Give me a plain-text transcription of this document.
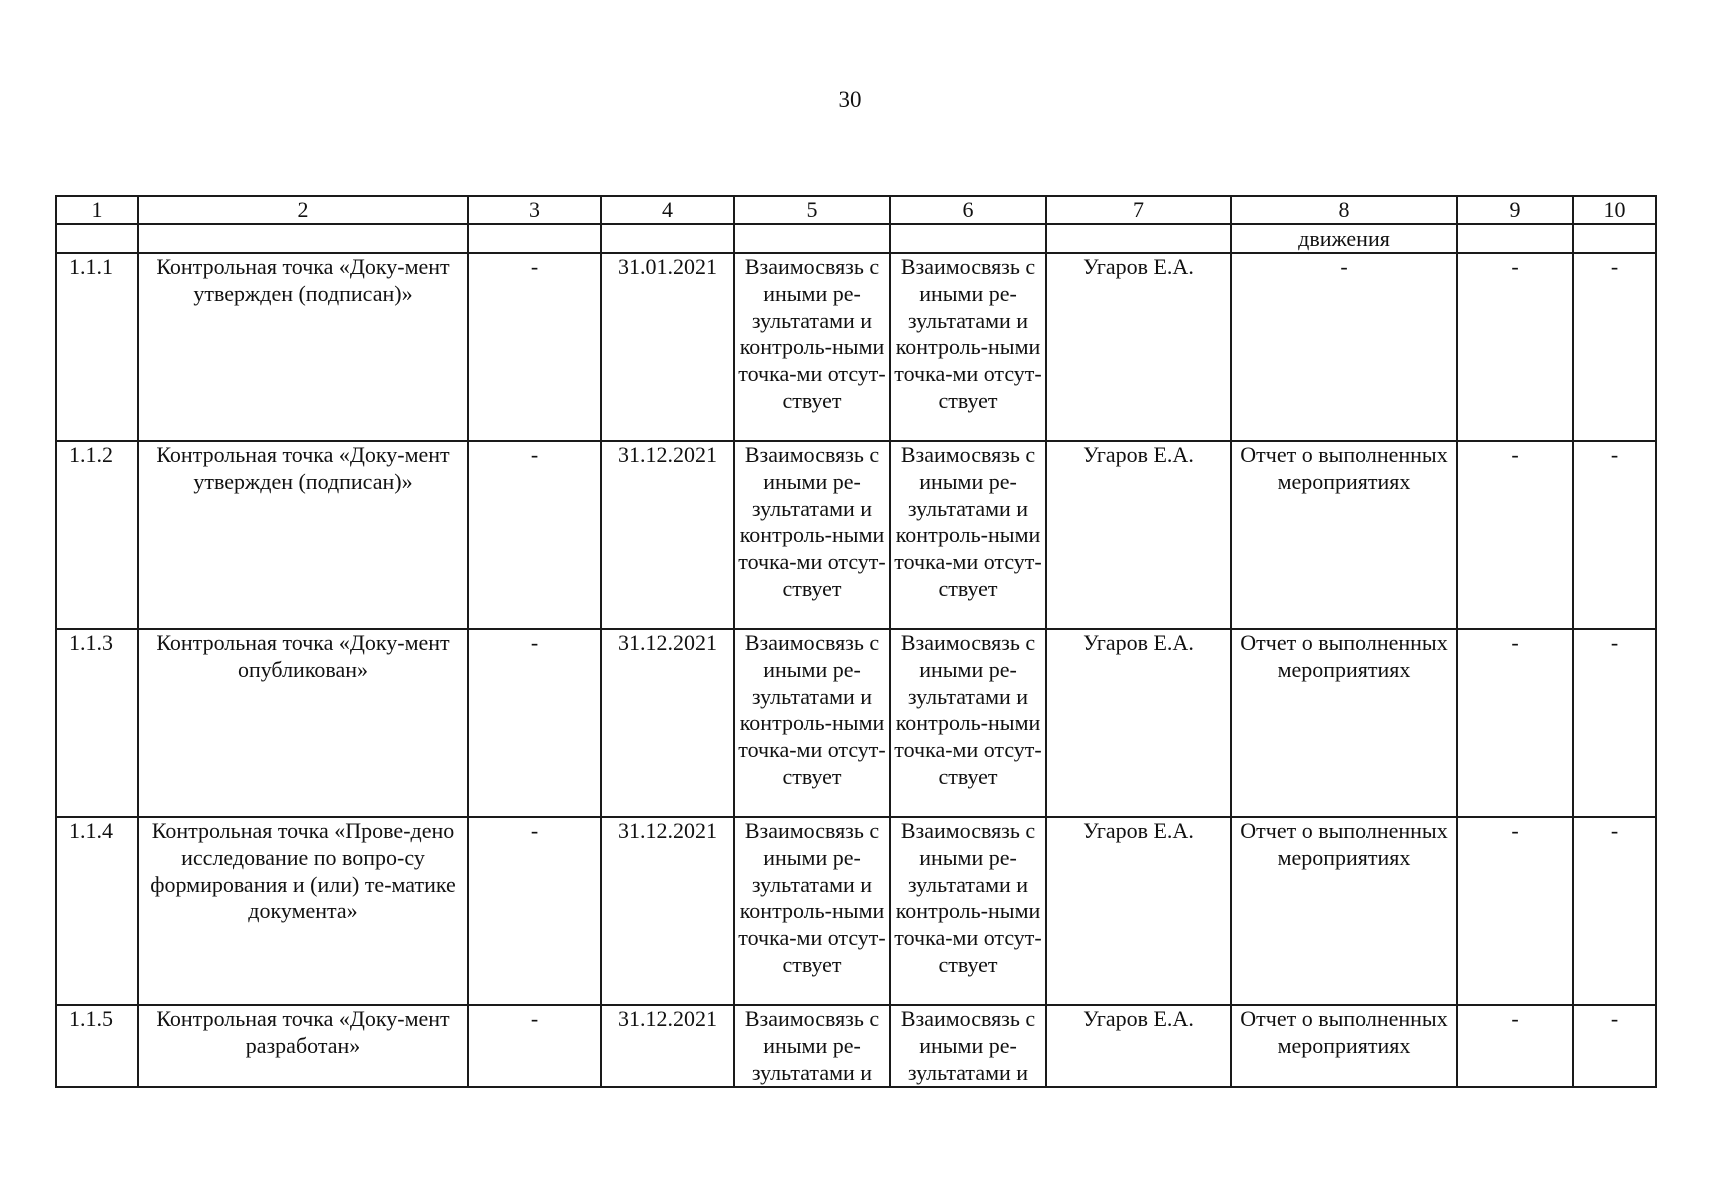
30
1	2	3	4	5	6	7	8	9	10
							движения		
1.1.1	Контрольная точка «Доку-мент утвержден (подписан)»	-	31.01.2021	Взаимосвязь с иными ре-зультатами и контроль-ными точка-ми отсут-ствует	Взаимосвязь с иными ре-зультатами и контроль-ными точка-ми отсут-ствует	Угаров Е.А.	-	-	-
1.1.2	Контрольная точка «Доку-мент утвержден (подписан)»	-	31.12.2021	Взаимосвязь с иными ре-зультатами и контроль-ными точка-ми отсут-ствует	Взаимосвязь с иными ре-зультатами и контроль-ными точка-ми отсут-ствует	Угаров Е.А.	Отчет о выполненных мероприятиях	-	-
1.1.3	Контрольная точка «Доку-мент опубликован»	-	31.12.2021	Взаимосвязь с иными ре-зультатами и контроль-ными точка-ми отсут-ствует	Взаимосвязь с иными ре-зультатами и контроль-ными точка-ми отсут-ствует	Угаров Е.А.	Отчет о выполненных мероприятиях	-	-
1.1.4	Контрольная точка «Прове-дено исследование по вопро-су формирования и (или) те-матике документа»	-	31.12.2021	Взаимосвязь с иными ре-зультатами и контроль-ными точка-ми отсут-ствует	Взаимосвязь с иными ре-зультатами и контроль-ными точка-ми отсут-ствует	Угаров Е.А.	Отчет о выполненных мероприятиях	-	-
1.1.5	Контрольная точка «Доку-мент разработан»	-	31.12.2021	Взаимосвязь с иными ре-зультатами и	Взаимосвязь с иными ре-зультатами и	Угаров Е.А.	Отчет о выполненных мероприятиях	-	-
